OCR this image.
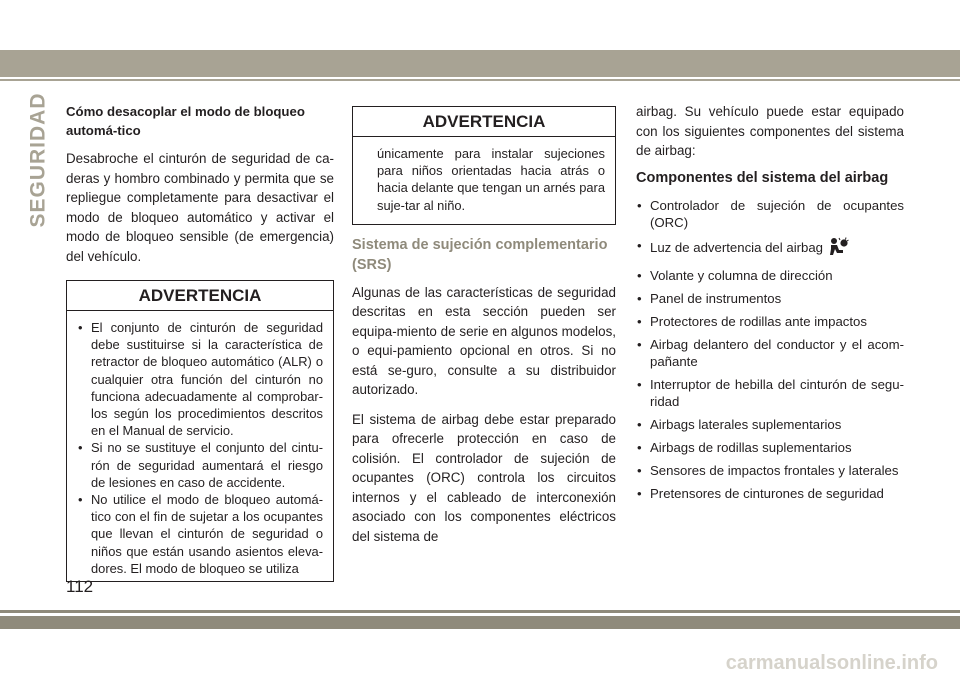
SEGURIDAD Cómo desacoplar el modo de bloqueo automá-tico

Desabroche el cinturón de seguridad de ca-deras y hombro combinado y permita que se repliegue completamente para desactivar el modo de bloqueo automático y activar el modo de bloqueo sensible (de emergencia) del vehículo.

ADVERTENCIA
• El conjunto de cinturón de seguridad debe sustituirse si la característica de retractor de bloqueo automático (ALR) o cualquier otra función del cinturón no funciona adecuadamente al comprobar-los según los procedimientos descritos en el Manual de servicio.
• Si no se sustituye el conjunto del cintu-rón de seguridad aumentará el riesgo de lesiones en caso de accidente.
• No utilice el modo de bloqueo automá-tico con el fin de sujetar a los ocupantes que llevan el cinturón de seguridad o niños que están usando asientos eleva-dores. El modo de bloqueo se utiliza
ADVERTENCIA

únicamente para instalar sujeciones para niños orientadas hacia atrás o hacia delante que tengan un arnés para suje-tar al niño.

Sistema de sujeción complementario (SRS)

Algunas de las características de seguridad descritas en esta sección pueden ser equipa-miento de serie en algunos modelos, o equi-pamiento opcional en otros. Si no está se-guro, consulte a su distribuidor autorizado.

El sistema de airbag debe estar preparado para ofrecerle protección en caso de colisión. El controlador de sujeción de ocupantes (ORC) controla los circuitos internos y el cableado de interconexión asociado con los componentes eléctricos del sistema de

airbag. Su vehículo puede estar equipado con los siguientes componentes del sistema de airbag:

Componentes del sistema del airbag
• Controlador de sujeción de ocupantes (ORC)
• Luz de advertencia del airbag
• Volante y columna de dirección
• Panel de instrumentos
• Protectores de rodillas ante impactos
• Airbag delantero del conductor y el acom-pañante
• Interruptor de hebilla del cinturón de segu-ridad
• Airbags laterales suplementarios
• Airbags de rodillas suplementarios
• Sensores de impactos frontales y laterales
• Pretensores de cinturones de seguridad
112
carmanualsonline.info
